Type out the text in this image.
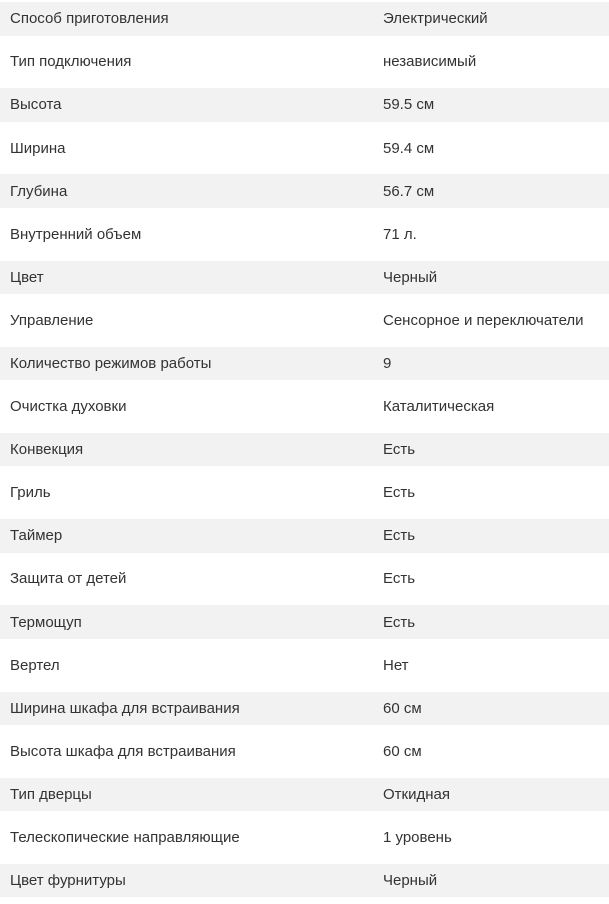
Способ приготовления	Электрический
Тип подключения	независимый
Высота	59.5 см
Ширина	59.4 см
Глубина	56.7 см
Внутренний объем	71 л.
Цвет	Черный
Управление	Сенсорное и переключатели
Количество режимов работы	9
Очистка духовки	Каталитическая
Конвекция	Есть
Гриль	Есть
Таймер	Есть
Защита от детей	Есть
Термощуп	Есть
Вертел	Нет
Ширина шкафа для встраивания	60 см
Высота шкафа для встраивания	60 см
Тип дверцы	Откидная
Телескопические направляющие	1 уровень
Цвет фурнитуры	Черный
